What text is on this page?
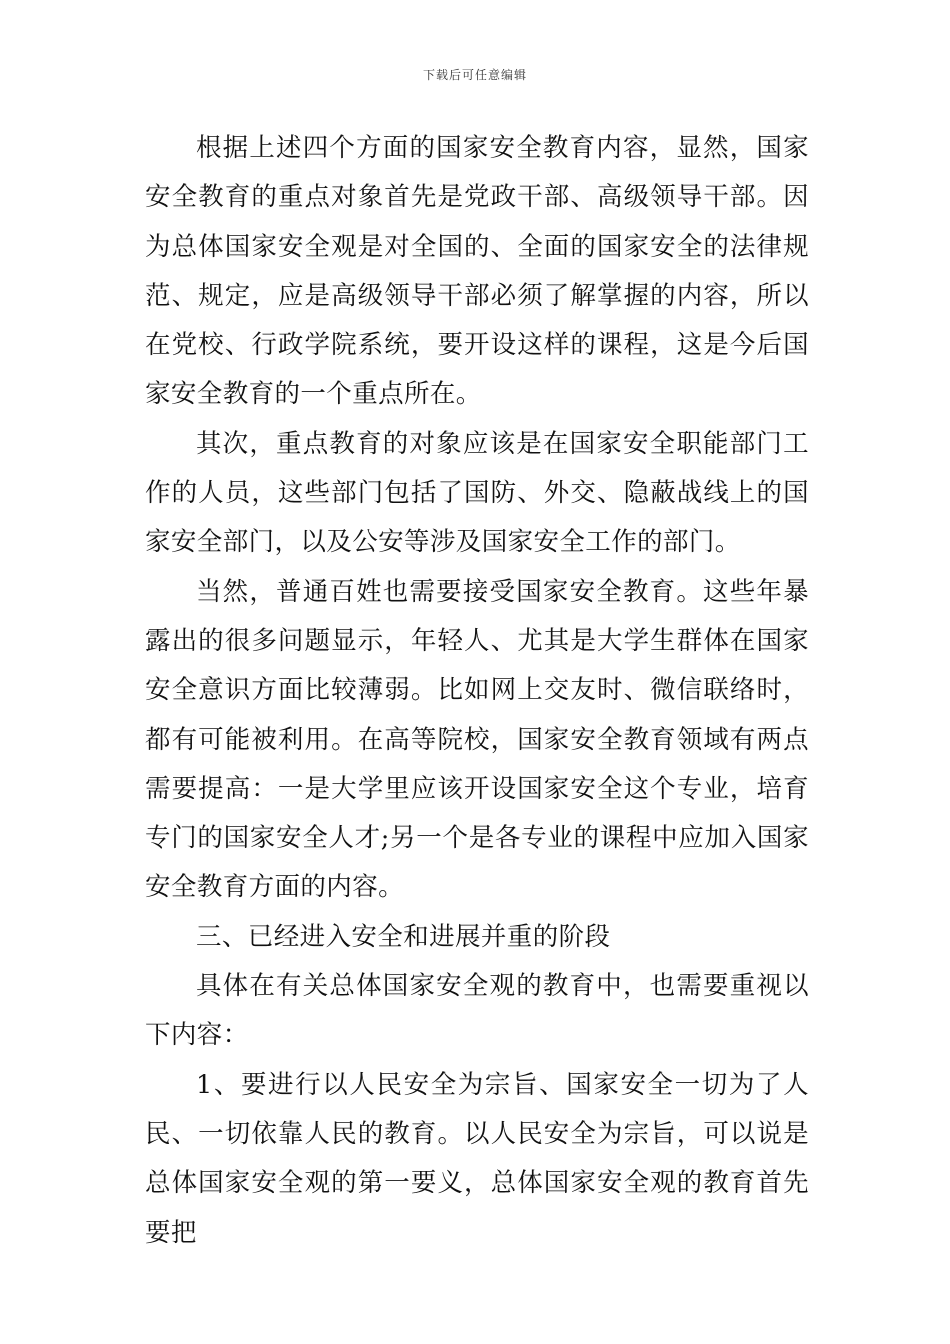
下载后可任意编辑

根据上述四个方面的国家安全教育内容，显然，国家安全教育的重点对象首先是党政干部、高级领导干部。因为总体国家安全观是对全国的、全面的国家安全的法律规范、规定，应是高级领导干部必须了解掌握的内容，所以在党校、行政学院系统，要开设这样的课程，这是今后国家安全教育的一个重点所在。

其次，重点教育的对象应该是在国家安全职能部门工作的人员，这些部门包括了国防、外交、隐蔽战线上的国家安全部门，以及公安等涉及国家安全工作的部门。

当然，普通百姓也需要接受国家安全教育。这些年暴露出的很多问题显示，年轻人、尤其是大学生群体在国家安全意识方面比较薄弱。比如网上交友时、微信联络时，都有可能被利用。在高等院校，国家安全教育领域有两点需要提高：一是大学里应该开设国家安全这个专业，培育专门的国家安全人才;另一个是各专业的课程中应加入国家安全教育方面的内容。

三、已经进入安全和进展并重的阶段

具体在有关总体国家安全观的教育中，也需要重视以下内容：

1、要进行以人民安全为宗旨、国家安全一切为了人民、一切依靠人民的教育。以人民安全为宗旨，可以说是总体国家安全观的第一要义，总体国家安全观的教育首先要把
